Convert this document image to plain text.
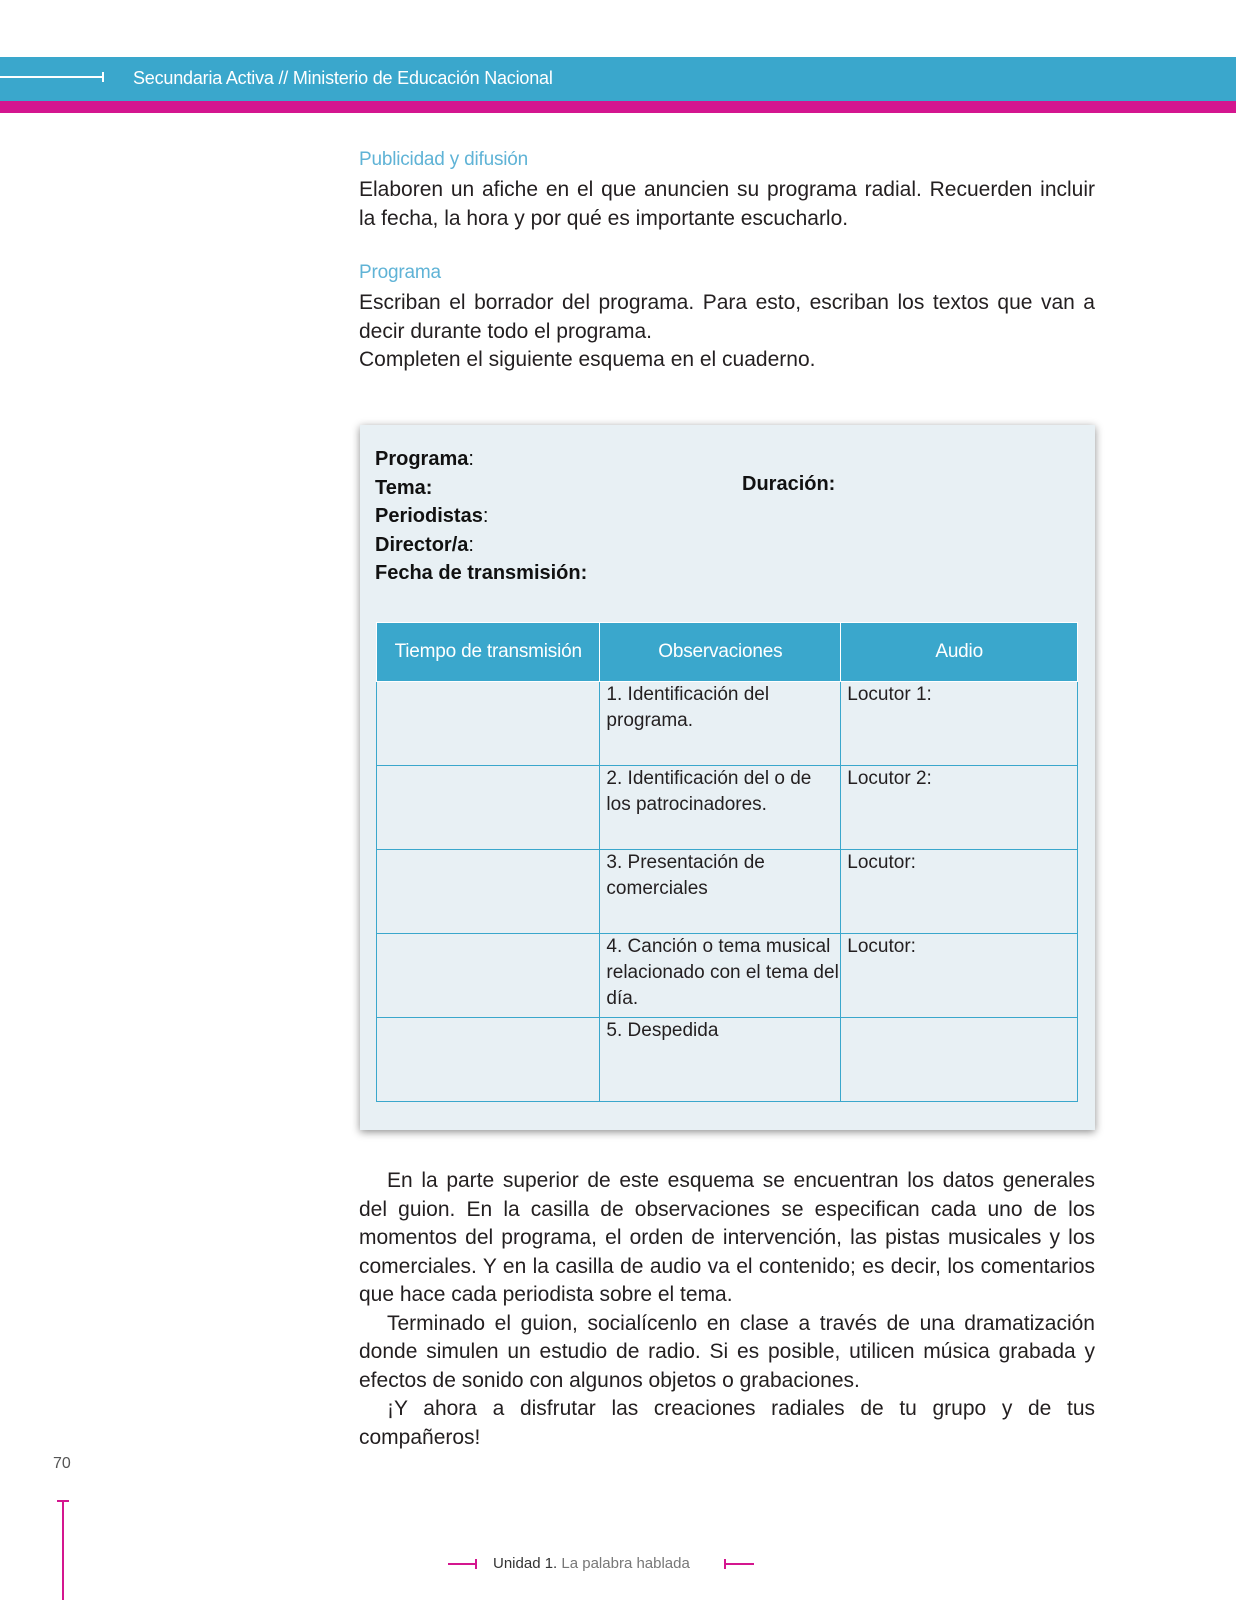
Secundaria Activa // Ministerio de Educación Nacional
Publicidad y difusión

Elaboren un afiche en el que anuncien su programa radial. Recuerden incluir la fecha, la hora y por qué es importante escucharlo.

Programa

Escriban el borrador del programa. Para esto, escriban los textos que van a decir durante todo el programa.

Completen el siguiente esquema en el cuaderno.

Programa:
Tema:
Periodistas:
Director/a:
Fecha de transmisión:
Duración:
Tiempo de transmisión	Observaciones	Audio
	1. Identificación del programa.	Locutor 1:
	2. Identificación del o de los patrocinadores.	Locutor 2:
	3. Presentación de comerciales	Locutor:
	4. Canción o tema musical relacionado con el tema del día.	Locutor:
	5. Despedida	

En la parte superior de este esquema se encuentran los datos generales del guion. En la casilla de observaciones se especifican cada uno de los momentos del programa, el orden de intervención, las pistas musicales y los comerciales. Y en la casilla de audio va el contenido; es decir, los comentarios que hace cada periodista sobre el tema.

Terminado el guion, socialícenlo en clase a través de una dramatización donde simulen un estudio de radio. Si es posible, utilicen música grabada y efectos de sonido con algunos objetos o grabaciones.

¡Y ahora a disfrutar las creaciones radiales de tu grupo y de tus compañeros!

70
Unidad 1. La palabra hablada
